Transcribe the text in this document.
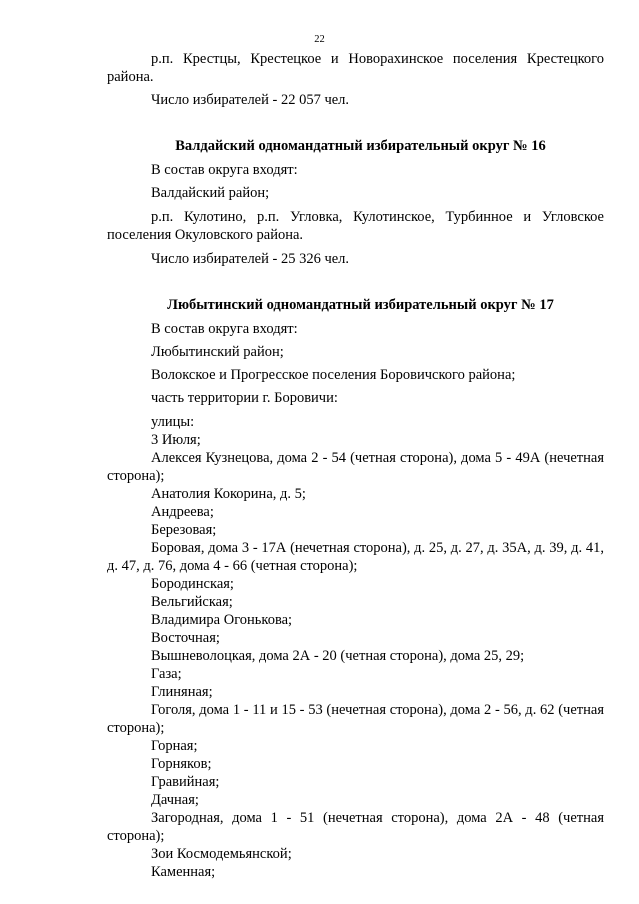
22

р.п. Крестцы, Крестецкое и Новорахинское поселения Крестецкого района.

Число избирателей - 22 057 чел.

Валдайский одномандатный избирательный округ № 16

В состав округа входят:

Валдайский район;

р.п. Кулотино, р.п. Угловка, Кулотинское, Турбинное и Угловское поселения Окуловского района.

Число избирателей - 25 326 чел.

Любытинский одномандатный избирательный округ № 17

В состав округа входят:

Любытинский район;

Волокское и Прогресское поселения Боровичского района;

часть территории г. Боровичи:

улицы:

3 Июля;

Алексея Кузнецова, дома 2 - 54 (четная сторона), дома 5 - 49А (нечетная сторона);

Анатолия Кокорина, д. 5;

Андреева;

Березовая;

Боровая, дома 3 - 17А (нечетная сторона), д. 25, д. 27, д. 35А, д. 39, д. 41, д. 47, д. 76, дома 4 - 66 (четная сторона);

Бородинская;

Вельгийская;

Владимира Огонькова;

Восточная;

Вышневолоцкая, дома 2А - 20 (четная сторона), дома 25, 29;

Газа;

Глиняная;

Гоголя, дома 1 - 11 и 15 - 53 (нечетная сторона), дома 2 - 56, д. 62 (четная сторона);

Горная;

Горняков;

Гравийная;

Дачная;

Загородная, дома 1 - 51 (нечетная сторона), дома 2А - 48 (четная сторона);

Зои Космодемьянской;

Каменная;
